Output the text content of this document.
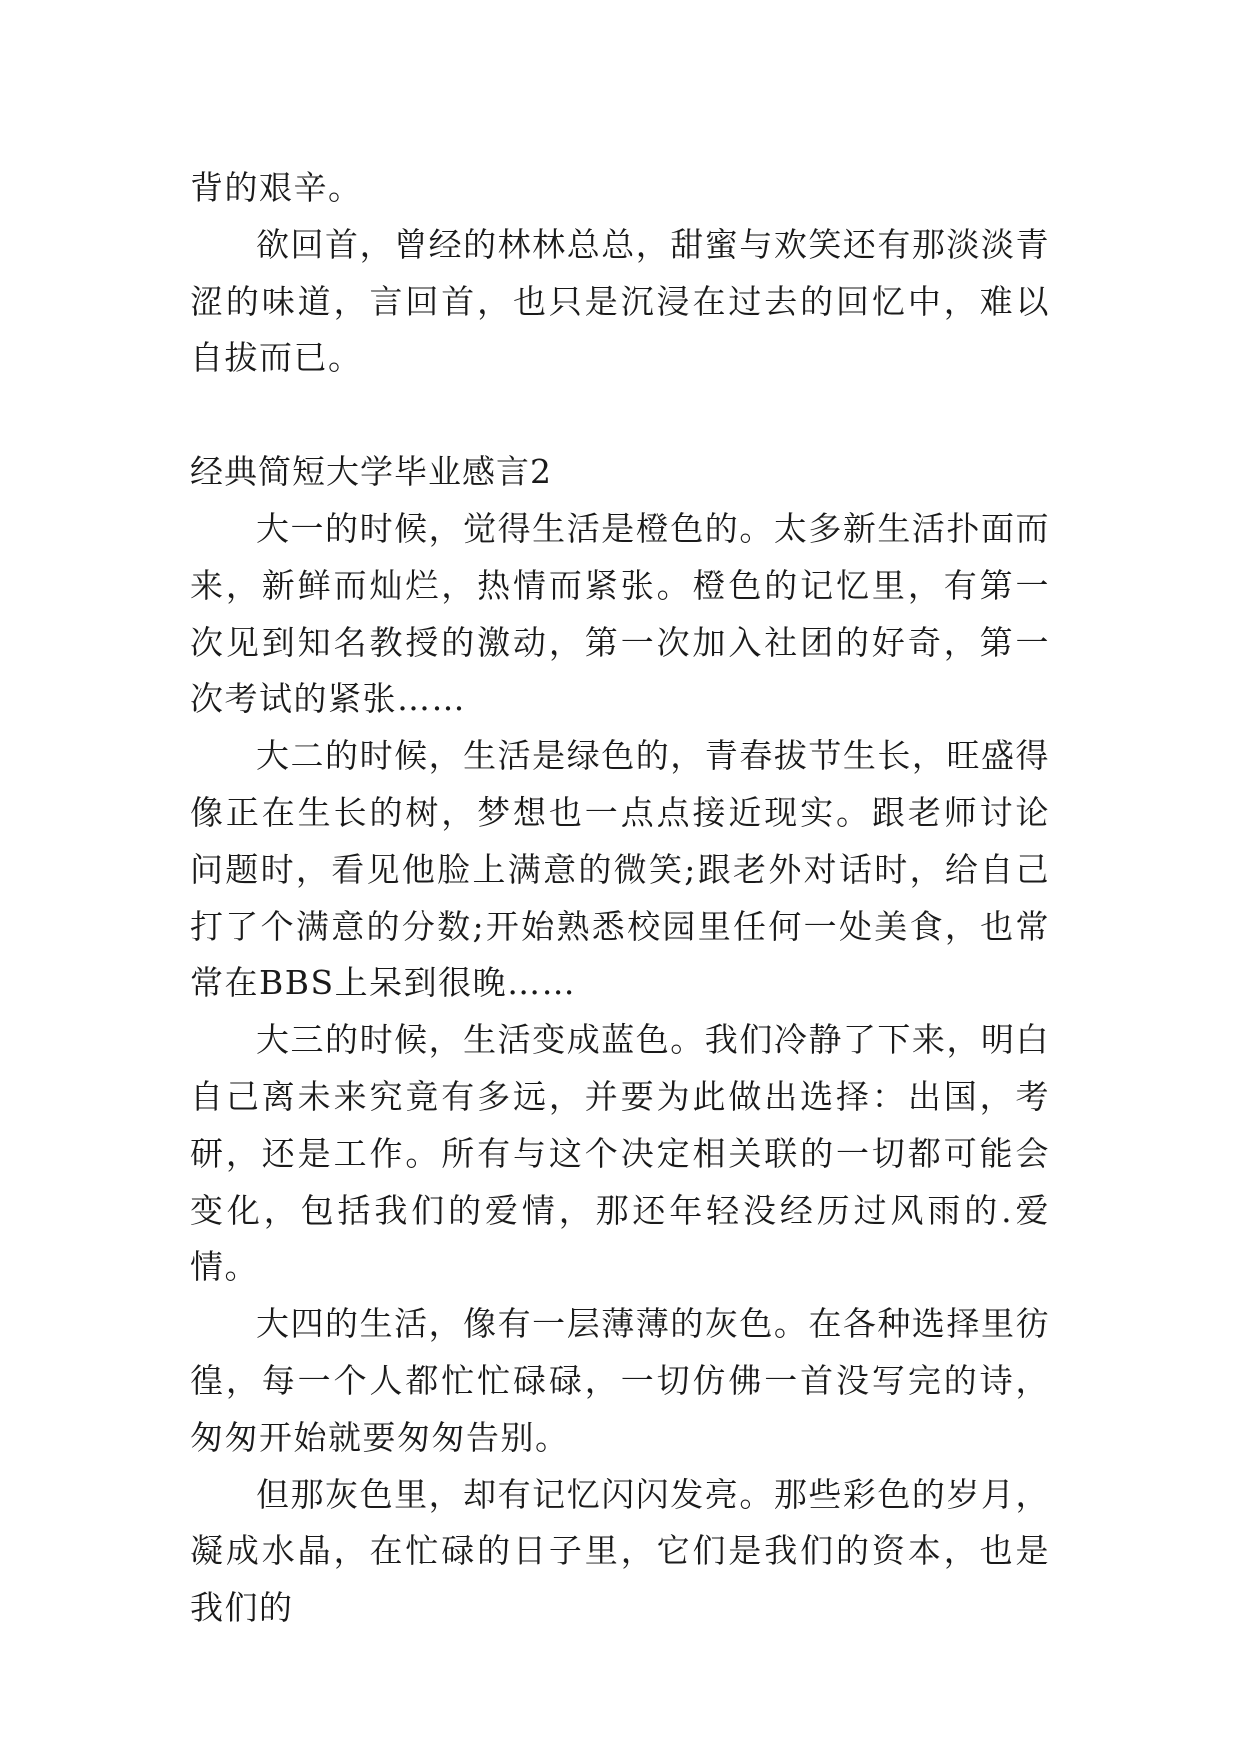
背的艰辛。

欲回首，曾经的林林总总，甜蜜与欢笑还有那淡淡青涩的味道，言回首，也只是沉浸在过去的回忆中，难以自拔而已。

经典简短大学毕业感言2

大一的时候，觉得生活是橙色的。太多新生活扑面而来，新鲜而灿烂，热情而紧张。橙色的记忆里，有第一次见到知名教授的激动，第一次加入社团的好奇，第一次考试的紧张……

大二的时候，生活是绿色的，青春拔节生长，旺盛得像正在生长的树，梦想也一点点接近现实。跟老师讨论问题时，看见他脸上满意的微笑;跟老外对话时，给自己打了个满意的分数;开始熟悉校园里任何一处美食，也常常在BBS上呆到很晚……

大三的时候，生活变成蓝色。我们冷静了下来，明白自己离未来究竟有多远，并要为此做出选择：出国，考研，还是工作。所有与这个决定相关联的一切都可能会变化，包括我们的爱情，那还年轻没经历过风雨的.爱情。

大四的生活，像有一层薄薄的灰色。在各种选择里彷徨，每一个人都忙忙碌碌，一切仿佛一首没写完的诗，匆匆开始就要匆匆告别。

但那灰色里，却有记忆闪闪发亮。那些彩色的岁月，凝成水晶，在忙碌的日子里，它们是我们的资本，也是我们的
